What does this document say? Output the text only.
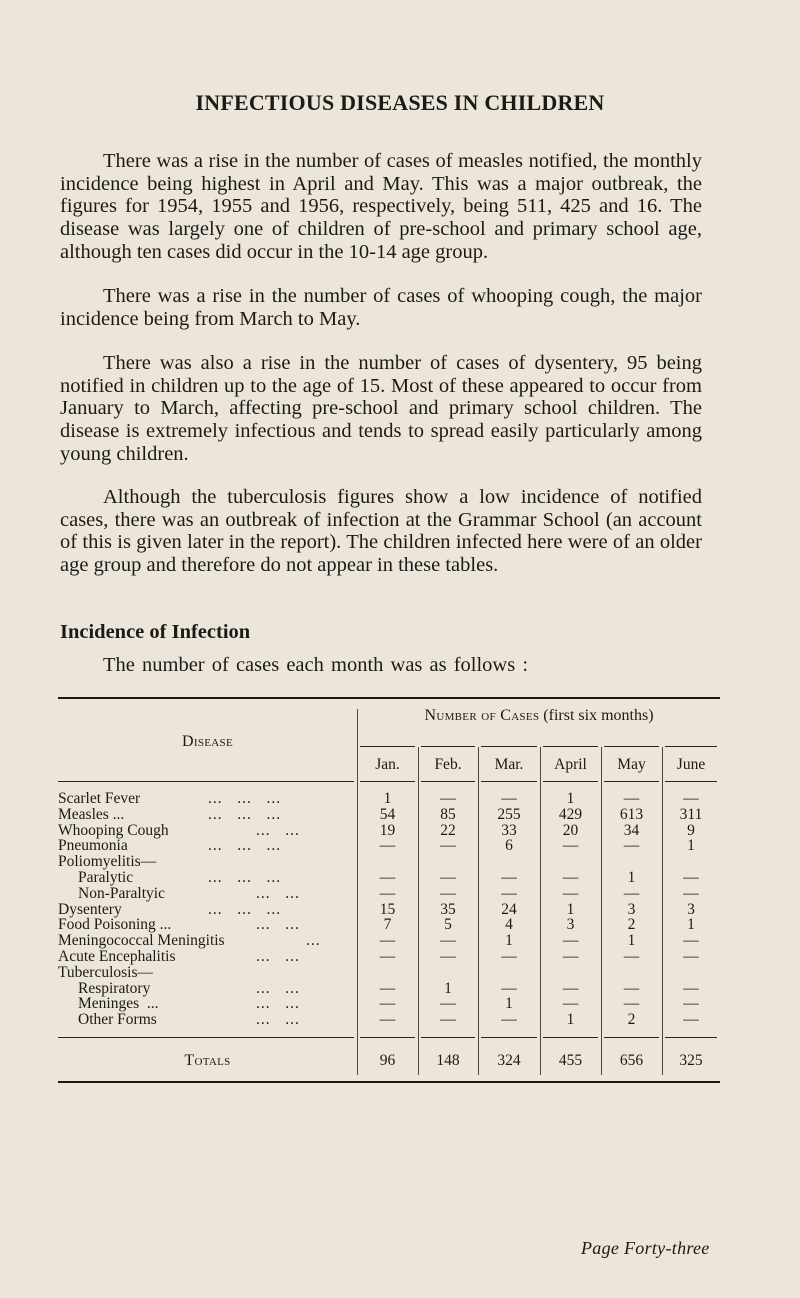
INFECTIOUS DISEASES IN CHILDREN
There was a rise in the number of cases of measles notified, the monthly incidence being highest in April and May. This was a major outbreak, the figures for 1954, 1955 and 1956, respectively, being 511, 425 and 16. The disease was largely one of children of pre-school and primary school age, although ten cases did occur in the 10-14 age group.
There was a rise in the number of cases of whooping cough, the major incidence being from March to May.
There was also a rise in the number of cases of dysentery, 95 being notified in children up to the age of 15. Most of these appeared to occur from January to March, affecting pre-school and primary school children. The disease is extremely infectious and tends to spread easily particularly among young children.
Although the tuberculosis figures show a low incidence of notified cases, there was an outbreak of infection at the Grammar School (an account of this is given later in the report). The children infected here were of an older age group and therefore do not appear in these tables.
Incidence of Infection
The number of cases each month was as follows :
Disease
Number of Cases (first six months)
Jan.	Feb.	Mar.	April	May	June
Scarlet Fever	...   ...   ...	1	—	—	1	—	—
Measles ...	...   ...   ...	54	85	255	429	613	311
Whooping Cough	...   ...	19	22	33	20	34	9
Pneumonia	...   ...   ...	—	—	6	—	—	1
Poliomyelitis—
Paralytic	...   ...   ...	—	—	—	—	1	—
Non-Paraltyic	...   ...	—	—	—	—	—	—
Dysentery	...   ...   ...	15	35	24	1	3	3
Food Poisoning ...	...   ...	7	5	4	3	2	1
Meningococcal Meningitis	...	—	—	1	—	1	—
Acute Encephalitis	...   ...	—	—	—	—	—	—
Tuberculosis—
Respiratory	...   ...	—	1	—	—	—	—
Meninges  ...	...   ...	—	—	1	—	—	—
Other Forms	...   ...	—	—	—	1	2	—
Totals	96	148	324	455	656	325
Page Forty-three
